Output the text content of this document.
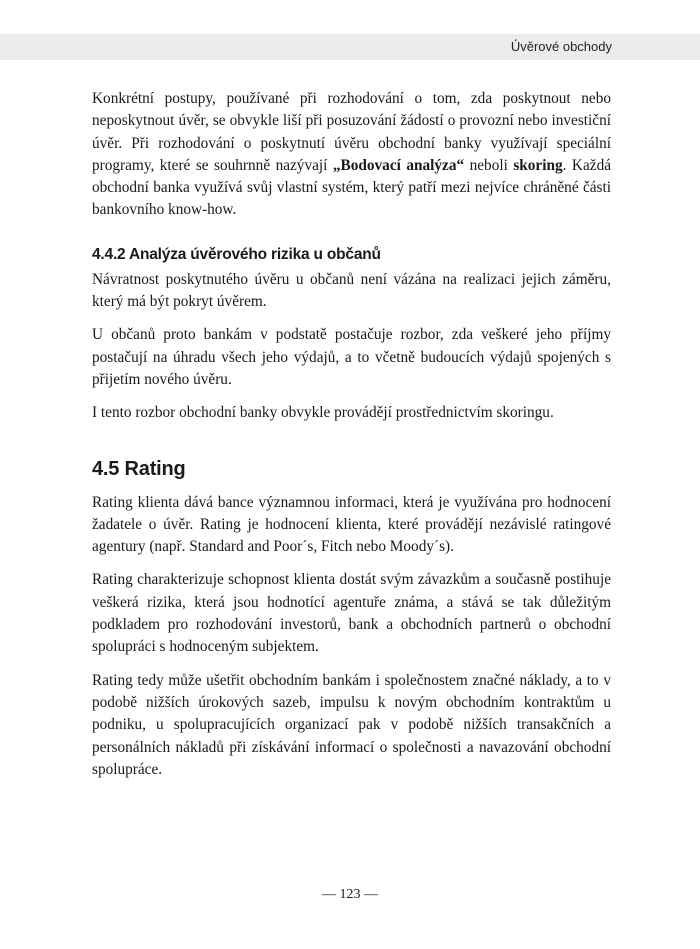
Úvěrové obchody

Konkrétní postupy, používané při rozhodování o tom, zda poskytnout nebo neposkytnout úvěr, se obvykle liší při posuzování žádostí o provozní nebo investiční úvěr. Při rozhodování o poskytnutí úvěru obchodní banky využívají speciální programy, které se souhrnně nazývají „Bodovací analýza“ neboli skoring. Každá obchodní banka využívá svůj vlastní systém, který patří mezi nejvíce chráněné části bankovního know-how.

4.4.2 Analýza úvěrového rizika u občanů

Návratnost poskytnutého úvěru u občanů není vázána na realizaci jejich záměru, který má být pokryt úvěrem.

U občanů proto bankám v podstatě postačuje rozbor, zda veškeré jeho příjmy postačují na úhradu všech jeho výdajů, a to včetně budoucích výdajů spojených s přijetím nového úvěru.

I tento rozbor obchodní banky obvykle provádějí prostřednictvím skoringu.

4.5 Rating

Rating klienta dává bance významnou informaci, která je využívána pro hodnocení žadatele o úvěr. Rating je hodnocení klienta, které provádějí nezávislé ratingové agentury (např. Standard and Poor´s, Fitch nebo Moody´s).

Rating charakterizuje schopnost klienta dostát svým závazkům a současně postihuje veškerá rizika, která jsou hodnotící agentuře známa, a stává se tak důležitým podkladem pro rozhodování investorů, bank a obchodních partnerů o obchodní spolupráci s hodnoceným subjektem.

Rating tedy může ušetřit obchodním bankám i společnostem značné náklady, a to v podobě nižších úrokových sazeb, impulsu k novým obchodním kontraktům u podniku, u spolupracujících organizací pak v podobě nižších transakčních a personálních nákladů při získávání informací o společnosti a navazování obchodní spolupráce.

— 123 —
